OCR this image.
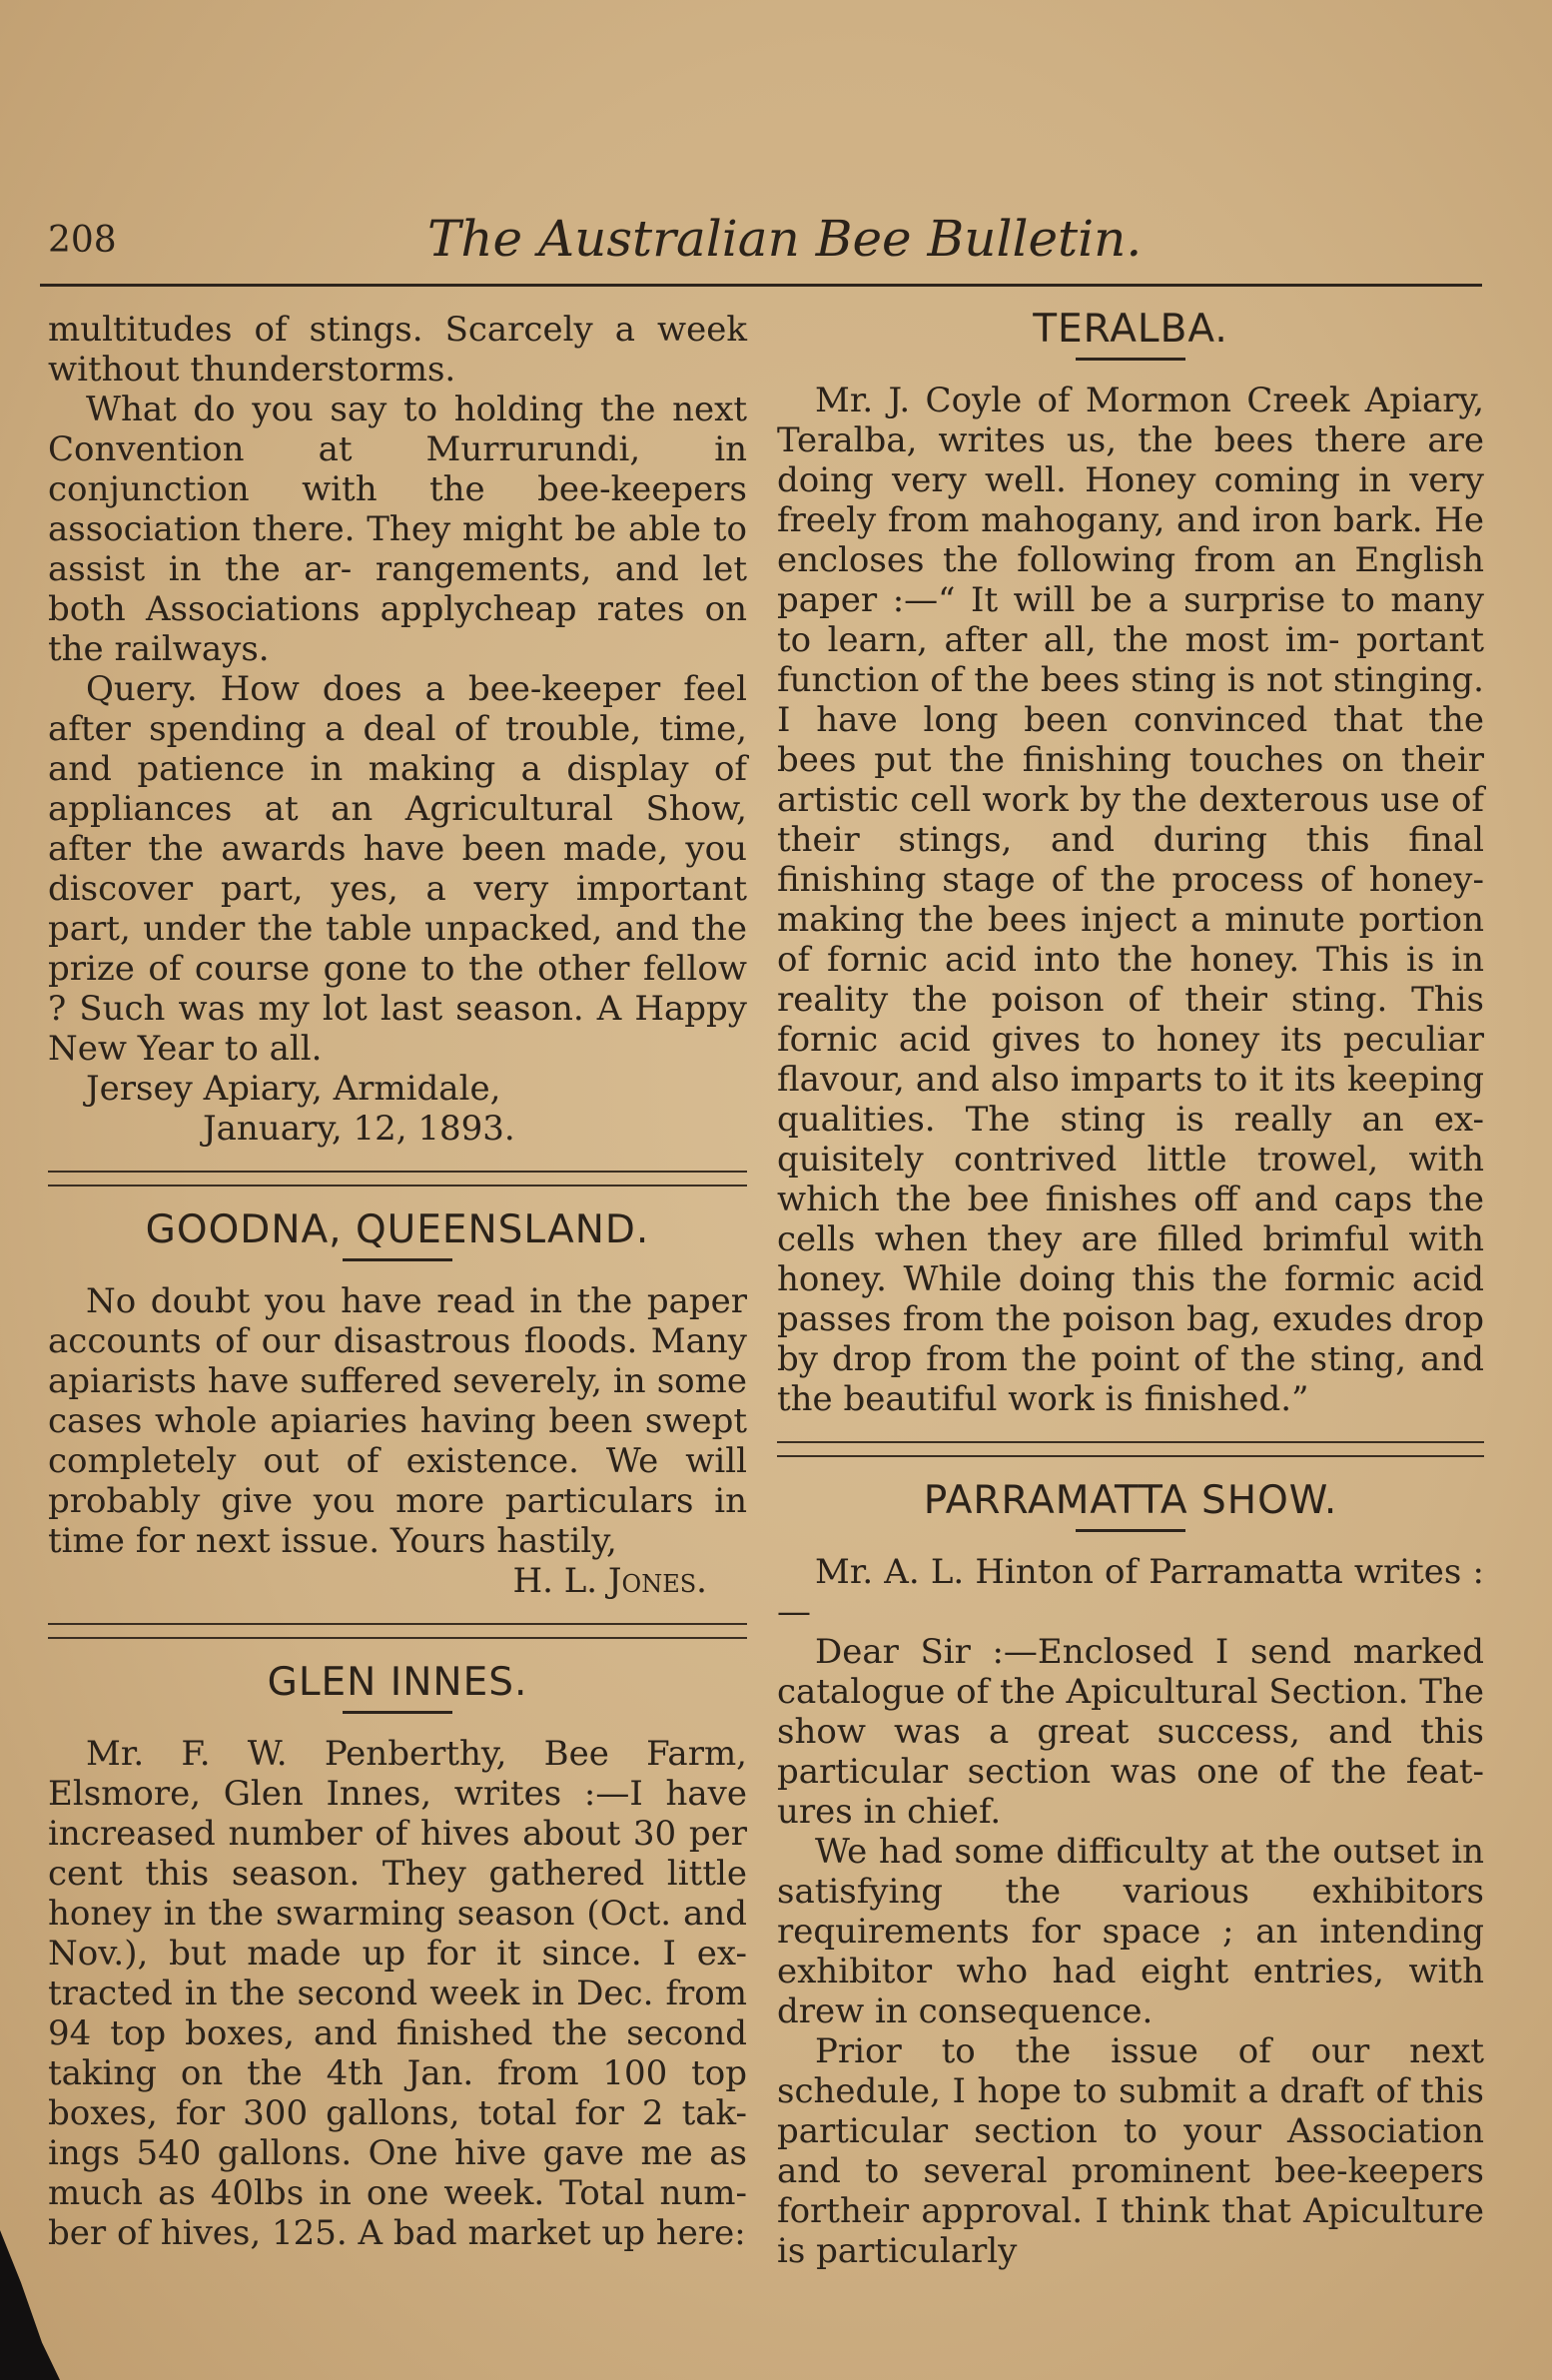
208	The Australian Bee Bulletin.

multitudes of stings. Scarcely a week without thunderstorms.

What do you say to holding the next Convention at Murrurundi, in conjunction with the bee-keepers association there. They might be able to assist in the ar- rangements, and let both Associations applycheap rates on the railways.

Query. How does a bee-keeper feel after spending a deal of trouble, time, and patience in making a display of appliances at an Agricultural Show, after the awards have been made, you discover part, yes, a very important part, under the table unpacked, and the prize of course gone to the other fellow ? Such was my lot last season. A Happy New Year to all.

Jersey Apiary, Armidale,

January, 12, 1893.

GOODNA, QUEENSLAND.

No doubt you have read in the paper accounts of our disastrous floods. Many apiarists have suffered severely, in some cases whole apiaries having been swept completely out of existence. We will probably give you more particulars in time for next issue. Yours hastily,

H. L. Jones.

GLEN INNES.

Mr. F. W. Penberthy, Bee Farm, Elsmore, Glen Innes, writes :—I have increased number of hives about 30 per cent this season. They gathered little honey in the swarming season (Oct. and Nov.), but made up for it since. I ex- tracted in the second week in Dec. from 94 top boxes, and finished the second taking on the 4th Jan. from 100 top boxes, for 300 gallons, total for 2 tak- ings 540 gallons. One hive gave me as much as 40lbs in one week. Total num- ber of hives, 125. A bad market up here:

TERALBA.

Mr. J. Coyle of Mormon Creek Apiary, Teralba, writes us, the bees there are doing very well. Honey coming in very freely from mahogany, and iron bark. He encloses the following from an English paper :—“ It will be a surprise to many to learn, after all, the most im- portant function of the bees sting is not stinging. I have long been convinced that the bees put the finishing touches on their artistic cell work by the dexterous use of their stings, and during this final finishing stage of the process of honey- making the bees inject a minute portion of fornic acid into the honey. This is in reality the poison of their sting. This fornic acid gives to honey its peculiar flavour, and also imparts to it its keeping qualities. The sting is really an ex- quisitely contrived little trowel, with which the bee finishes off and caps the cells when they are filled brimful with honey. While doing this the formic acid passes from the poison bag, exudes drop by drop from the point of the sting, and the beautiful work is finished.”

PARRAMATTA SHOW.

Mr. A. L. Hinton of Parramatta writes :—

Dear Sir :—Enclosed I send marked catalogue of the Apicultural Section. The show was a great success, and this particular section was one of the feat- ures in chief.

We had some difficulty at the outset in satisfying the various exhibitors requirements for space ; an intending exhibitor who had eight entries, with drew in consequence.

Prior to the issue of our next schedule, I hope to submit a draft of this particular section to your Association and to several prominent bee-keepers fortheir approval. I think that Apiculture is particularly
